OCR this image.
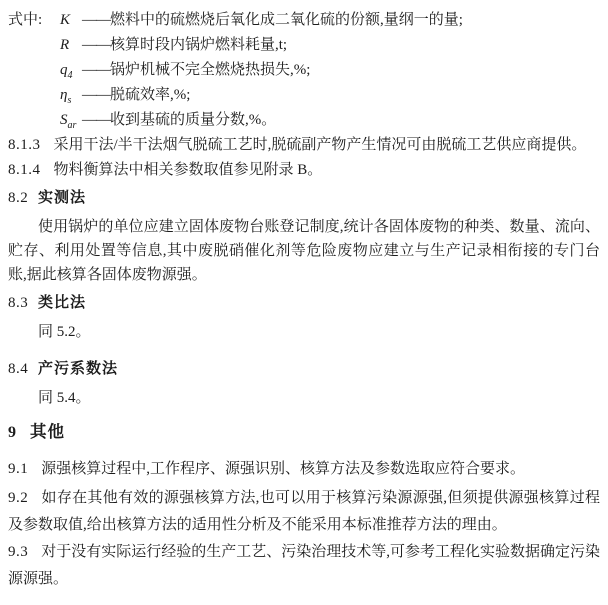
式中:	K —— 燃料中的硫燃烧后氧化成二氧化硫的份额,量纲一的量;
R —— 核算时段内锅炉燃料耗量,t;
$q_4$ —— 锅炉机械不完全燃烧热损失,%;
$\eta_s$ —— 脱硫效率,%;
$S_{ar}$ —— 收到基硫的质量分数,%。
8.1.3 采用干法/半干法烟气脱硫工艺时,脱硫副产物产生情况可由脱硫工艺供应商提供。
8.1.4 物料衡算法中相关参数取值参见附录 B。
8.2 实测法
使用锅炉的单位应建立固体废物台账登记制度,统计各固体废物的种类、数量、流向、贮存、利用处置等信息,其中废脱硝催化剂等危险废物应建立与生产记录相衔接的专门台账,据此核算各固体废物源强。
8.3 类比法
同 5.2。
8.4 产污系数法
同 5.4。
9 其他
9.1 源强核算过程中,工作程序、源强识别、核算方法及参数选取应符合要求。
9.2 如存在其他有效的源强核算方法,也可以用于核算污染源源强,但须提供源强核算过程及参数取值,给出核算方法的适用性分析及不能采用本标准推荐方法的理由。
9.3 对于没有实际运行经验的生产工艺、污染治理技术等,可参考工程化实验数据确定污染源源强。
